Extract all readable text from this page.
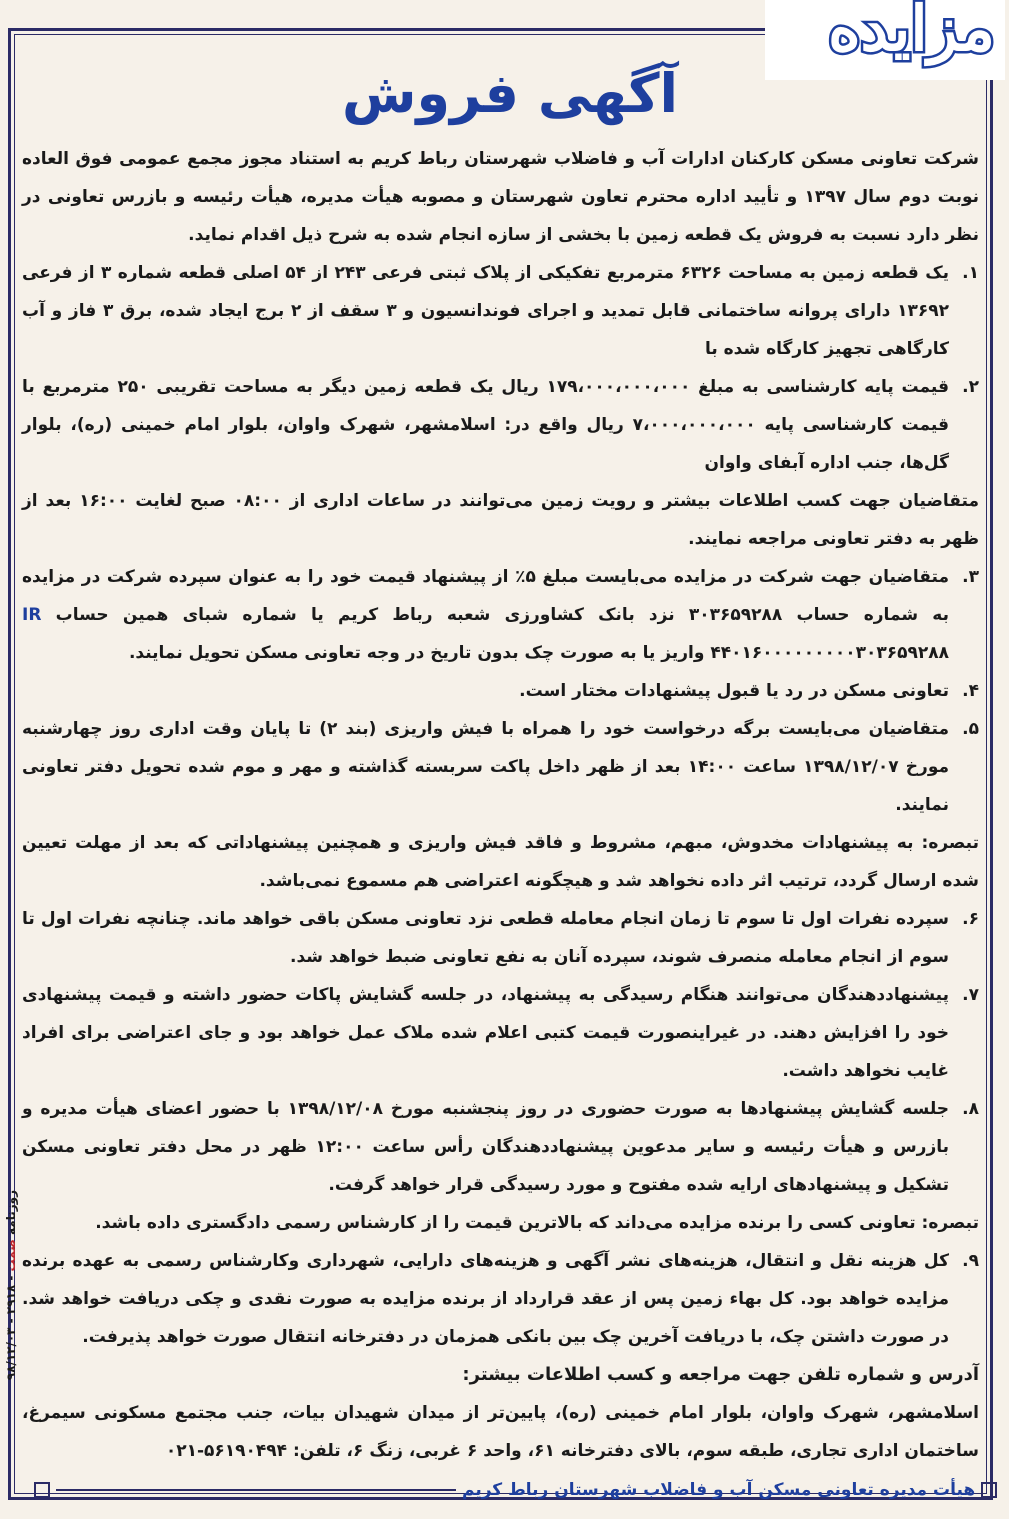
مزایده
آگهی فروش

شرکت تعاونی مسکن کارکنان ادارات آب و فاضلاب شهرستان رباط کریم به استناد مجوز مجمع عمومی فوق العاده نوبت دوم سال ۱۳۹۷ و تأیید اداره محترم تعاون شهرستان و مصوبه هیأت مدیره، هیأت رئیسه و بازرس تعاونی در نظر دارد نسبت به فروش یک قطعه زمین با بخشی از سازه انجام شده به شرح ذیل اقدام نماید.

۱.
یک قطعه زمین به مساحت ۶۳۲۶ مترمربع تفکیکی از پلاک ثبتی فرعی ۲۴۳ از ۵۴ اصلی قطعه شماره ۳ از فرعی ۱۳۶۹۲ دارای پروانه ساختمانی قابل تمدید و اجرای فوندانسیون و ۳ سقف از ۲ برج ایجاد شده، برق ۳ فاز و آب کارگاهی تجهیز کارگاه شده با
۲.
قیمت پایه کارشناسی به مبلغ ۱۷۹،۰۰۰،۰۰۰،۰۰۰ ریال یک قطعه زمین دیگر به مساحت تقریبی ۲۵۰ مترمربع با قیمت کارشناسی پایه ۷،۰۰۰،۰۰۰،۰۰۰ ریال واقع در: اسلامشهر، شهرک واوان، بلوار امام خمینی (ره)، بلوار گل‌ها، جنب اداره آبفای واوان

متقاضیان جهت کسب اطلاعات بیشتر و رویت زمین می‌توانند در ساعات اداری از ۰۸:۰۰ صبح لغایت ۱۶:۰۰ بعد از ظهر به دفتر تعاونی مراجعه نمایند.

۳.
متقاضیان جهت شرکت در مزایده می‌بایست مبلغ ۵٪ از پیشنهاد قیمت خود را به عنوان سپرده شرکت در مزایده به شماره حساب ۳۰۳۶۵۹۲۸۸ نزد بانک کشاورزی شعبه رباط کریم یا شماره شبای همین حساب IR ۴۴۰۱۶۰۰۰۰۰۰۰۰۰۳۰۳۶۵۹۲۸۸ واریز یا به صورت چک بدون تاریخ در وجه تعاونی مسکن تحویل نمایند.
۴.
تعاونی مسکن در رد یا قبول پیشنهادات مختار است.
۵.
متقاضیان می‌بایست برگه درخواست خود را همراه با فیش واریزی (بند ۲) تا پایان وقت اداری روز چهارشنبه مورخ ۱۳۹۸/۱۲/۰۷ ساعت ۱۴:۰۰ بعد از ظهر داخل پاکت سربسته گذاشته و مهر و موم شده تحویل دفتر تعاونی نمایند.

تبصره: به پیشنهادات مخدوش، مبهم، مشروط و فاقد فیش واریزی و همچنین پیشنهاداتی که بعد از مهلت تعیین شده ارسال گردد، ترتیب اثر داده نخواهد شد و هیچگونه اعتراضی هم مسموع نمی‌باشد.

۶.
سپرده نفرات اول تا سوم تا زمان انجام معامله قطعی نزد تعاونی مسکن باقی خواهد ماند. چنانچه نفرات اول تا سوم از انجام معامله منصرف شوند، سپرده آنان به نفع تعاونی ضبط خواهد شد.
۷.
پیشنهاددهندگان می‌توانند هنگام رسیدگی به پیشنهاد، در جلسه گشایش پاکات حضور داشته و قیمت پیشنهادی خود را افزایش دهند. در غیراینصورت قیمت کتبی اعلام شده ملاک عمل خواهد بود و جای اعتراضی برای افراد غایب نخواهد داشت.
۸.
جلسه گشایش پیشنهادها به صورت حضوری در روز پنجشنبه مورخ ۱۳۹۸/۱۲/۰۸ با حضور اعضای هیأت مدیره و بازرس و هیأت رئیسه و سایر مدعوین پیشنهاددهندگان رأس ساعت ۱۲:۰۰ ظهر در محل دفتر تعاونی مسکن تشکیل و پیشنهادهای ارایه شده مفتوح و مورد رسیدگی قرار خواهد گرفت.

تبصره: تعاونی کسی را برنده مزایده می‌داند که بالاترین قیمت را از کارشناس رسمی دادگستری داده باشد.

۹.
کل هزینه نقل و انتقال، هزینه‌های نشر آگهی و هزینه‌های دارایی، شهرداری وکارشناس رسمی به عهده برنده مزایده خواهد بود. کل بهاء زمین پس از عقد قرارداد از برنده مزایده به صورت نقدی و چکی دریافت خواهد شد. در صورت داشتن چک، با دریافت آخرین چک بین بانکی همزمان در دفترخانه انتقال صورت خواهد پذیرفت.

آدرس و شماره تلفن جهت مراجعه و کسب اطلاعات بیشتر:

اسلامشهر، شهرک واوان، بلوار امام خمینی (ره)، پایین‌تر از میدان شهیدان بیات، جنب مجتمع مسکونی سیمرغ، ساختمان اداری تجاری، طبقه سوم، بالای دفترخانه ۶۱، واحد ۶ غربی، زنگ ۶، تلفن: ۵۶۱۹۰۴۹۴-۰۲۱

هیأت مدیره تعاونی مسکن آب و فاضلاب شهرستان رباط کریم
روزنامه صمت - ۲۹۱۸ - ۹۸/۱۲/۰۳
